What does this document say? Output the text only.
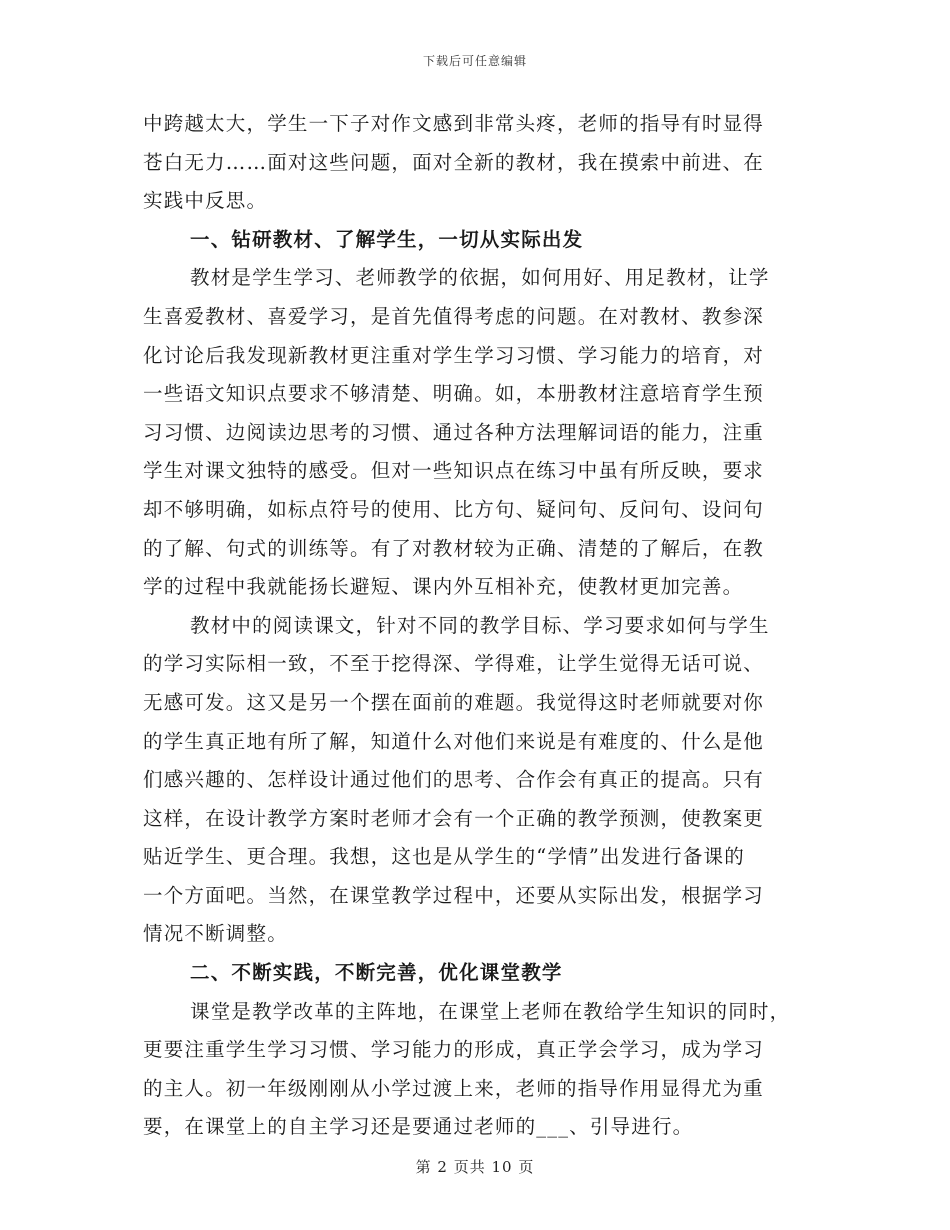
下载后可任意编辑
中跨越太大，学生一下子对作文感到非常头疼，老师的指导有时显得
苍白无力……面对这些问题，面对全新的教材，我在摸索中前进、在
实践中反思。
一、钻研教材、了解学生，一切从实际出发
教材是学生学习、老师教学的依据，如何用好、用足教材，让学
生喜爱教材、喜爱学习，是首先值得考虑的问题。在对教材、教参深
化讨论后我发现新教材更注重对学生学习习惯、学习能力的培育，对
一些语文知识点要求不够清楚、明确。如，本册教材注意培育学生预
习习惯、边阅读边思考的习惯、通过各种方法理解词语的能力，注重
学生对课文独特的感受。但对一些知识点在练习中虽有所反映，要求
却不够明确，如标点符号的使用、比方句、疑问句、反问句、设问句
的了解、句式的训练等。有了对教材较为正确、清楚的了解后，在教
学的过程中我就能扬长避短、课内外互相补充，使教材更加完善。
教材中的阅读课文，针对不同的教学目标、学习要求如何与学生
的学习实际相一致，不至于挖得深、学得难，让学生觉得无话可说、
无感可发。这又是另一个摆在面前的难题。我觉得这时老师就要对你
的学生真正地有所了解，知道什么对他们来说是有难度的、什么是他
们感兴趣的、怎样设计通过他们的思考、合作会有真正的提高。只有
这样，在设计教学方案时老师才会有一个正确的教学预测，使教案更
贴近学生、更合理。我想，这也是从学生的“学情”出发进行备课的
一个方面吧。当然，在课堂教学过程中，还要从实际出发，根据学习
情况不断调整。
二、不断实践，不断完善，优化课堂教学
课堂是教学改革的主阵地，在课堂上老师在教给学生知识的同时，
更要注重学生学习习惯、学习能力的形成，真正学会学习，成为学习
的主人。初一年级刚刚从小学过渡上来，老师的指导作用显得尤为重
要，在课堂上的自主学习还是要通过老师的___、引导进行。
第 2 页共 10 页
